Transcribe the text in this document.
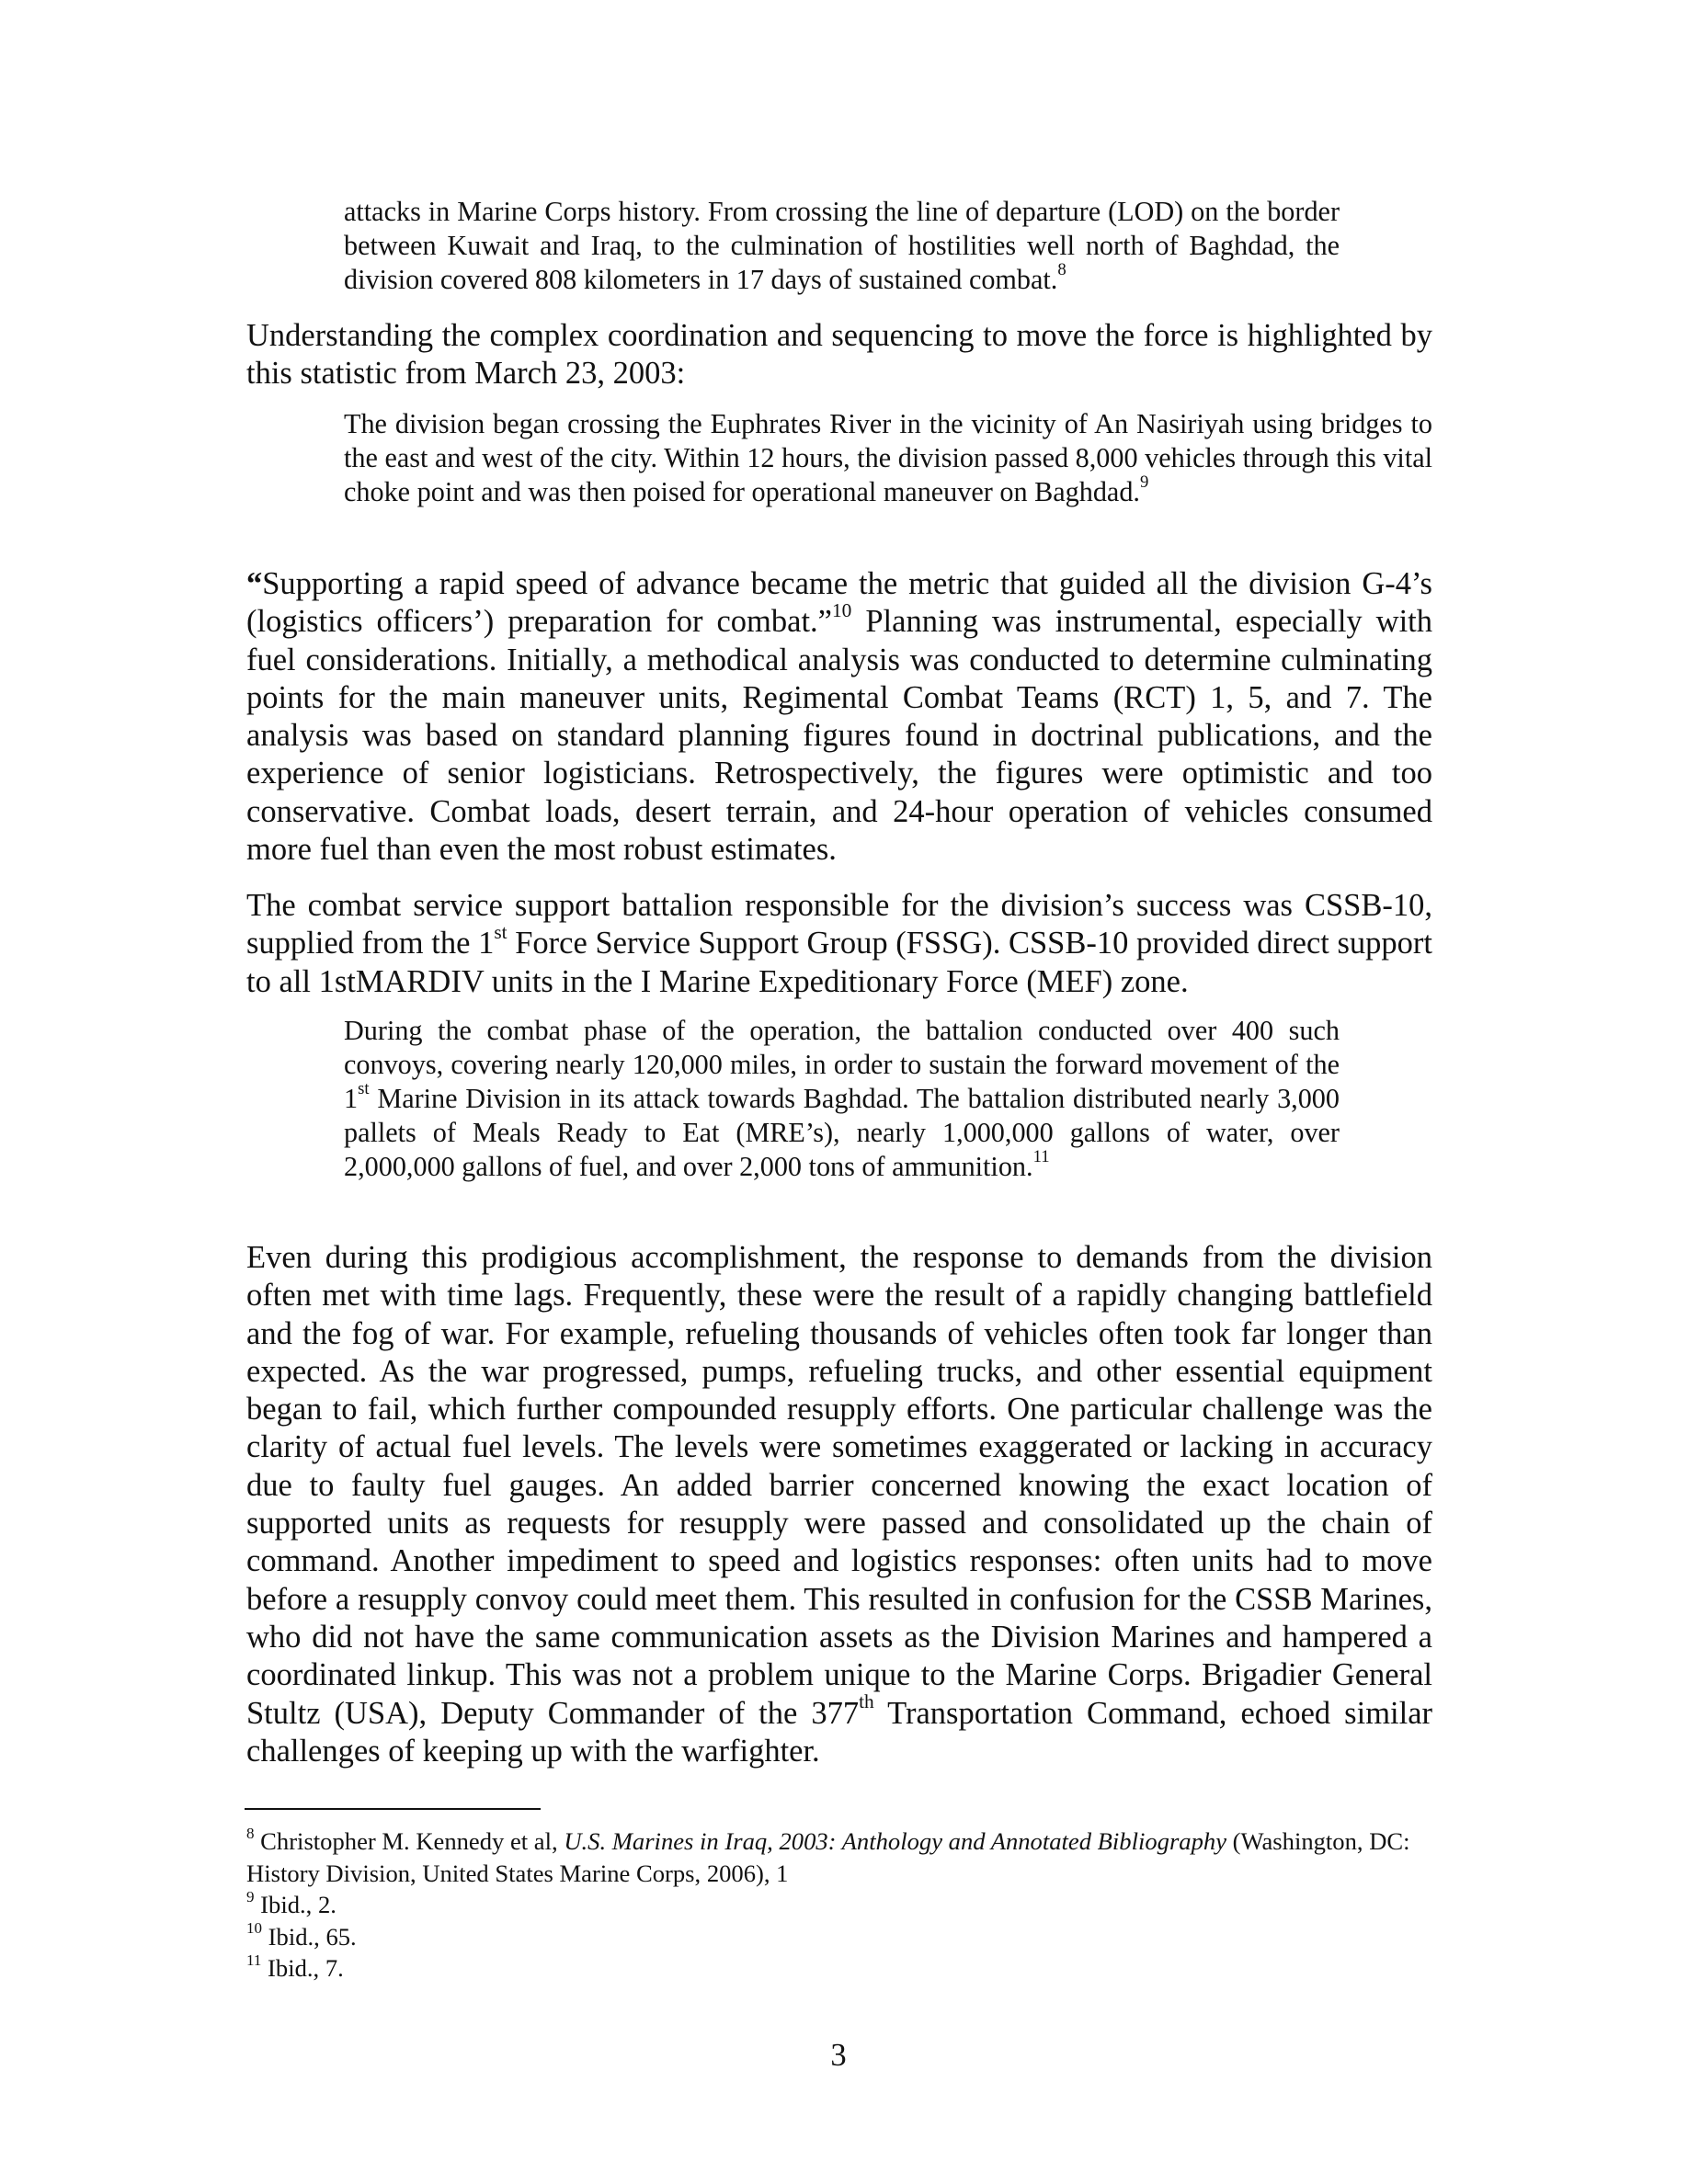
attacks in Marine Corps history. From crossing the line of departure (LOD) on the border between Kuwait and Iraq, to the culmination of hostilities well north of Baghdad, the division covered 808 kilometers in 17 days of sustained combat.$^8$

Understanding the complex coordination and sequencing to move the force is highlighted by this statistic from March 23, 2003:

The division began crossing the Euphrates River in the vicinity of An Nasiriyah using bridges to the east and west of the city. Within 12 hours, the division passed 8,000 vehicles through this vital choke point and was then poised for operational maneuver on Baghdad.$^9$

“Supporting a rapid speed of advance became the metric that guided all the division G-4’s (logistics officers’) preparation for combat.”$^{10}$ Planning was instrumental, especially with fuel considerations. Initially, a methodical analysis was conducted to determine culminating points for the main maneuver units, Regimental Combat Teams (RCT) 1, 5, and 7. The analysis was based on standard planning figures found in doctrinal publications, and the experience of senior logisticians. Retrospectively, the figures were optimistic and too conservative. Combat loads, desert terrain, and 24-hour operation of vehicles consumed more fuel than even the most robust estimates.

The combat service support battalion responsible for the division’s success was CSSB-10, supplied from the 1st Force Service Support Group (FSSG). CSSB-10 provided direct support to all 1stMARDIV units in the I Marine Expeditionary Force (MEF) zone.

During the combat phase of the operation, the battalion conducted over 400 such convoys, covering nearly 120,000 miles, in order to sustain the forward movement of the 1st Marine Division in its attack towards Baghdad. The battalion distributed nearly 3,000 pallets of Meals Ready to Eat (MRE’s), nearly 1,000,000 gallons of water, over 2,000,000 gallons of fuel, and over 2,000 tons of ammunition.$^{11}$

Even during this prodigious accomplishment, the response to demands from the division often met with time lags. Frequently, these were the result of a rapidly changing battlefield and the fog of war. For example, refueling thousands of vehicles often took far longer than expected. As the war progressed, pumps, refueling trucks, and other essential equipment began to fail, which further compounded resupply efforts. One particular challenge was the clarity of actual fuel levels. The levels were sometimes exaggerated or lacking in accuracy due to faulty fuel gauges. An added barrier concerned knowing the exact location of supported units as requests for resupply were passed and consolidated up the chain of command. Another impediment to speed and logistics responses: often units had to move before a resupply convoy could meet them. This resulted in confusion for the CSSB Marines, who did not have the same communication assets as the Division Marines and hampered a coordinated linkup. This was not a problem unique to the Marine Corps. Brigadier General Stultz (USA), Deputy Commander of the 377th Transportation Command, echoed similar challenges of keeping up with the warfighter.

$^8$ Christopher M. Kennedy et al, U.S. Marines in Iraq, 2003: Anthology and Annotated Bibliography (Washington, DC: History Division, United States Marine Corps, 2006), 1

$^9$ Ibid., 2.

$^{10}$ Ibid., 65.

$^{11}$ Ibid., 7.

3
